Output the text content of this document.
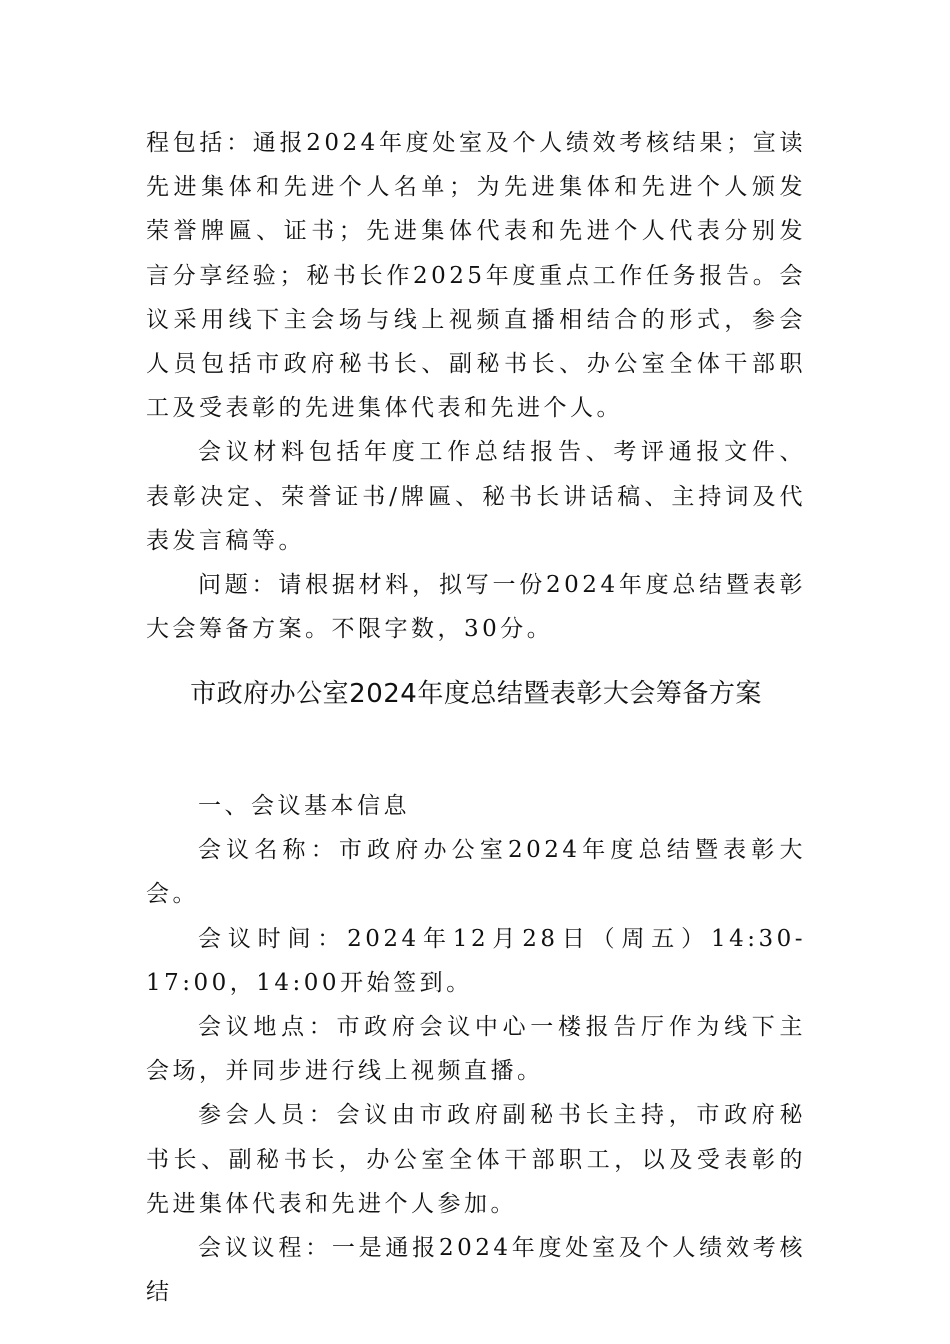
程包括：通报2024年度处室及个人绩效考核结果；宣读先进集体和先进个人名单；为先进集体和先进个人颁发荣誉牌匾、证书；先进集体代表和先进个人代表分别发言分享经验；秘书长作2025年度重点工作任务报告。会议采用线下主会场与线上视频直播相结合的形式，参会人员包括市政府秘书长、副秘书长、办公室全体干部职工及受表彰的先进集体代表和先进个人。

会议材料包括年度工作总结报告、考评通报文件、表彰决定、荣誉证书/牌匾、秘书长讲话稿、主持词及代表发言稿等。

问题：请根据材料，拟写一份2024年度总结暨表彰大会筹备方案。不限字数，30分。

市政府办公室2024年度总结暨表彰大会筹备方案

一、会议基本信息

会议名称：市政府办公室2024年度总结暨表彰大会。

会议时间：2024年12月28日（周五）14:30-17:00，14:00开始签到。

会议地点：市政府会议中心一楼报告厅作为线下主会场，并同步进行线上视频直播。

参会人员：会议由市政府副秘书长主持，市政府秘书长、副秘书长，办公室全体干部职工，以及受表彰的先进集体代表和先进个人参加。

会议议程：一是通报2024年度处室及个人绩效考核结
